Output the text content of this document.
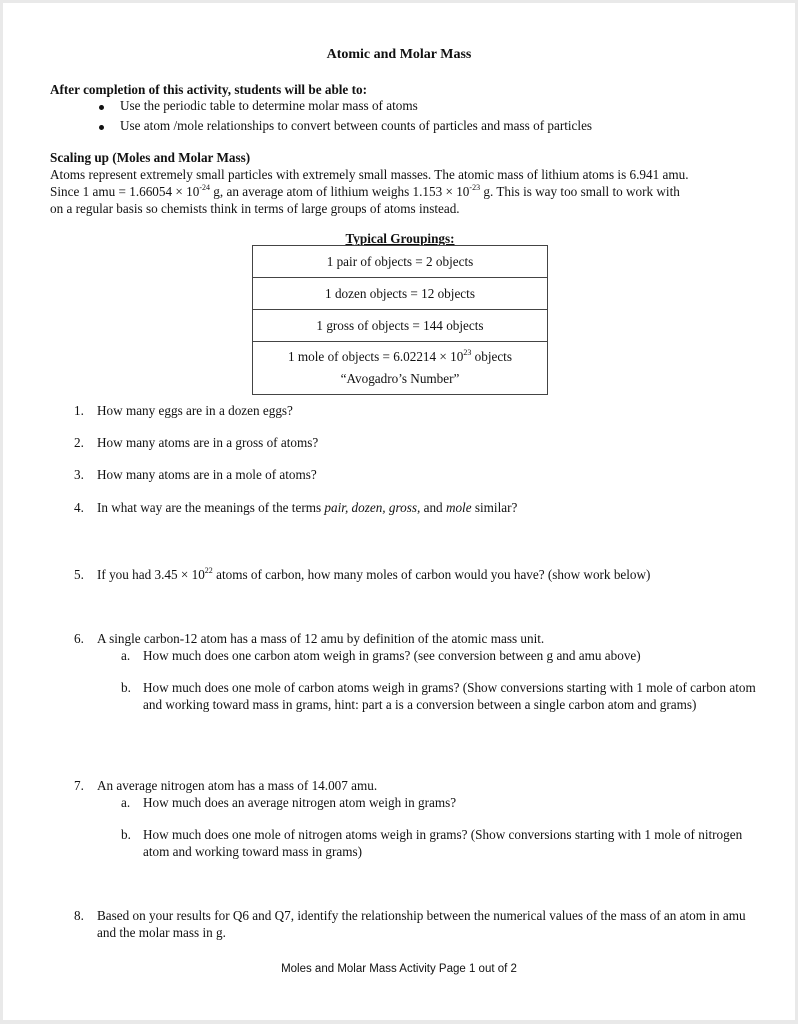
Atomic and Molar Mass
After completion of this activity, students will be able to:
Use the periodic table to determine molar mass of atoms
Use atom /mole relationships to convert between counts of particles and mass of particles
Scaling up (Moles and Molar Mass)
Atoms represent extremely small particles with extremely small masses. The atomic mass of lithium atoms is 6.941 amu.
Since 1 amu = $1.66054 \times 10^{-24}$ g, an average atom of lithium weighs $1.153 \times 10^{-23}$ g. This is way too small to work with
on a regular basis so chemists think in terms of large groups of atoms instead.
Typical Groupings:
1 pair of objects = 2 objects
1 dozen objects = 12 objects
1 gross of objects = 144 objects

1 mole of objects = $6.02214 \times 10^{23}$ objects
“Avogadro’s Number”
1. How many eggs are in a dozen eggs?
2. How many atoms are in a gross of atoms?
3. How many atoms are in a mole of atoms?
4. In what way are the meanings of the terms pair, dozen, gross, and mole similar?
5. If you had $3.45 \times 10^{22}$ atoms of carbon, how many moles of carbon would you have? (show work below)
6. A single carbon-12 atom has a mass of 12 amu by definition of the atomic mass unit.
a. How much does one carbon atom weigh in grams? (see conversion between g and amu above)
b. How much does one mole of carbon atoms weigh in grams? (Show conversions starting with 1 mole of carbon atom and working toward mass in grams, hint: part a is a conversion between a single carbon atom and grams)
7. An average nitrogen atom has a mass of 14.007 amu.
a. How much does an average nitrogen atom weigh in grams?
b. How much does one mole of nitrogen atoms weigh in grams? (Show conversions starting with 1 mole of nitrogen atom and working toward mass in grams)
8. Based on your results for Q6 and Q7, identify the relationship between the numerical values of the mass of an atom in amu and the molar mass in g.
Moles and Molar Mass Activity Page 1 out of 2
